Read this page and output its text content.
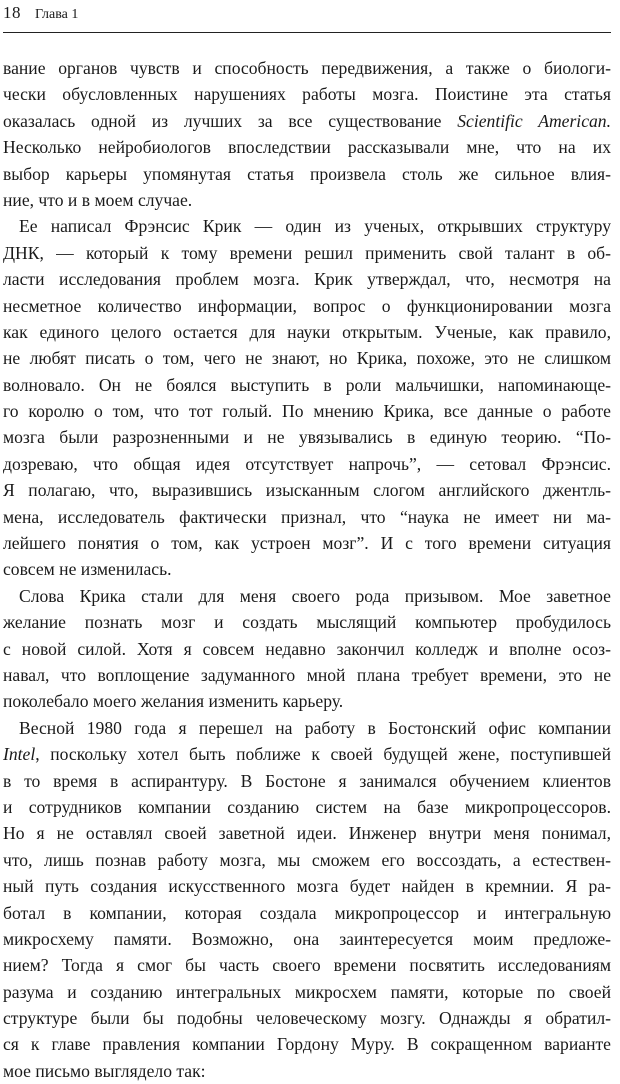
18 Глава 1

вание органов чувств и способность передвижения, а также о биологи-
чески обусловленных нарушениях работы мозга. Поистине эта статья
оказалась одной из лучших за все существование Scientific American.
Несколько нейробиологов впоследствии рассказывали мне, что на их
выбор карьеры упомянутая статья произвела столь же сильное влия-
ние, что и в моем случае.

Ее написал Фрэнсис Крик — один из ученых, открывших структуру
ДНК, — который к тому времени решил применить свой талант в об-
ласти исследования проблем мозга. Крик утверждал, что, несмотря на
несметное количество информации, вопрос о функционировании мозга
как единого целого остается для науки открытым. Ученые, как правило,
не любят писать о том, чего не знают, но Крика, похоже, это не слишком
волновало. Он не боялся выступить в роли мальчишки, напоминающе-
го королю о том, что тот голый. По мнению Крика, все данные о работе
мозга были разрозненными и не увязывались в единую теорию. “По-
дозреваю, что общая идея отсутствует напрочь”, — сетовал Фрэнсис.
Я полагаю, что, выразившись изысканным слогом английского джентль-
мена, исследователь фактически признал, что “наука не имеет ни ма-
лейшего понятия о том, как устроен мозг”. И с того времени ситуация
совсем не изменилась.

Слова Крика стали для меня своего рода призывом. Мое заветное
желание познать мозг и создать мыслящий компьютер пробудилось
с новой силой. Хотя я совсем недавно закончил колледж и вполне осоз-
навал, что воплощение задуманного мной плана требует времени, это не
поколебало моего желания изменить карьеру.

Весной 1980 года я перешел на работу в Бостонский офис компании
Intel, поскольку хотел быть поближе к своей будущей жене, поступившей
в то время в аспирантуру. В Бостоне я занимался обучением клиентов
и сотрудников компании созданию систем на базе микропроцессоров.
Но я не оставлял своей заветной идеи. Инженер внутри меня понимал,
что, лишь познав работу мозга, мы сможем его воссоздать, а естествен-
ный путь создания искусственного мозга будет найден в кремнии. Я ра-
ботал в компании, которая создала микропроцессор и интегральную
микросхему памяти. Возможно, она заинтересуется моим предложе-
нием? Тогда я смог бы часть своего времени посвятить исследованиям
разума и созданию интегральных микросхем памяти, которые по своей
структуре были бы подобны человеческому мозгу. Однажды я обратил-
ся к главе правления компании Гордону Муру. В сокращенном варианте
мое письмо выглядело так:
